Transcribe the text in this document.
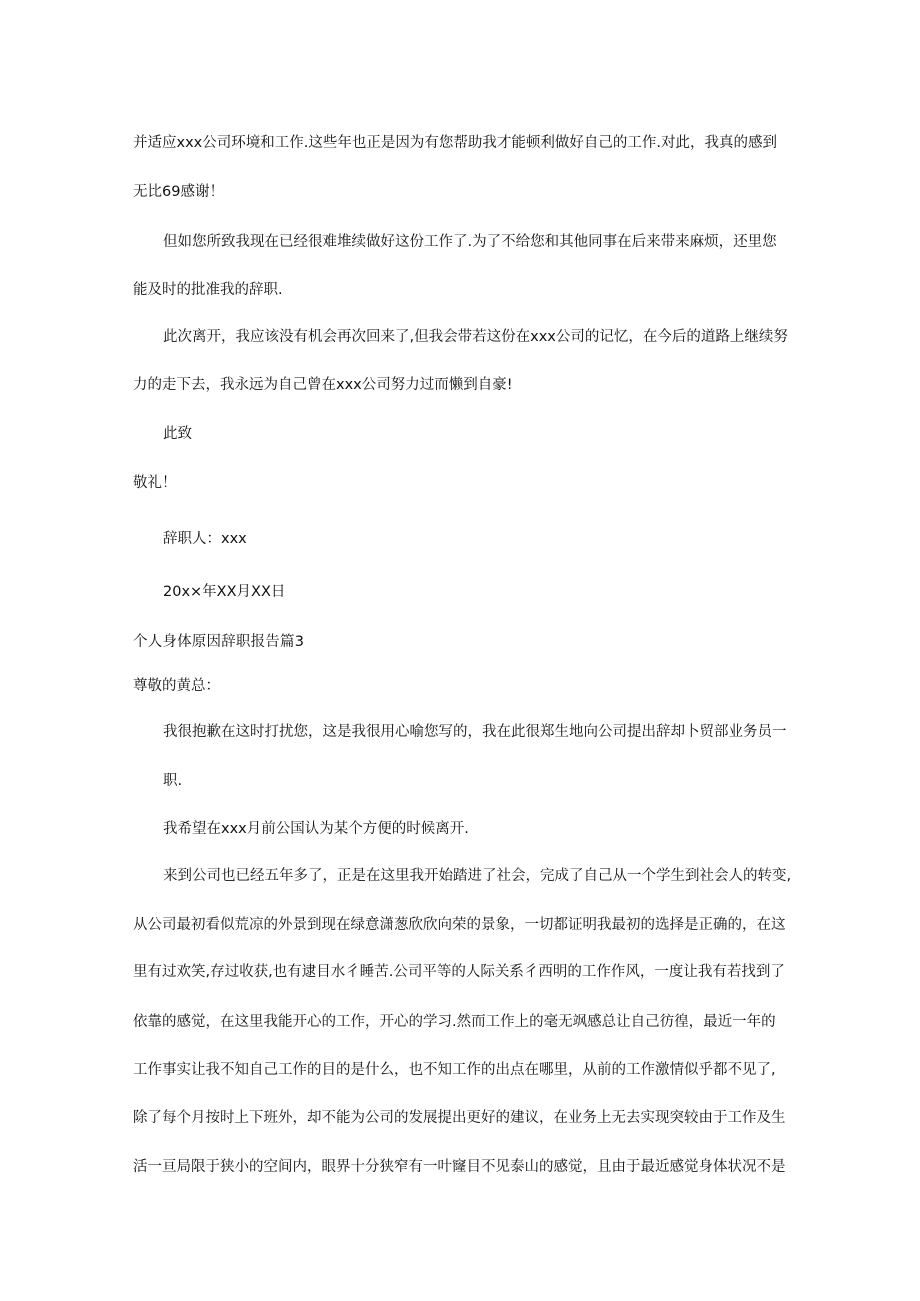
并适应xxx公司环境和工作.这些年也正是因为有您帮助我才能顿利做好自己的工作.对此，我真的感到
无比69感谢！
但如您所致我现在已经很难堆续做好这份工作了.为了不给您和其他同事在后来带来麻烦，还里您
能及时的批准我的辞职.
此次离开，我应该没有机会再次回来了,但我会带若这份在xxx公司的记忆，在今后的道路上继续努
力的走下去，我永远为自己曾在xxx公司努力过而懒到自豪!
此致
敬礼！
辞职人：xxx
20x×年XX月XX日
个人身体原因辞职报告篇3
尊敬的黄总：
我很抱歉在这时打扰您，这是我很用心喻您写的，我在此很郑生地向公司提出辞却卜贸部业务员一
职.
我希望在xxx月前公国认为某个方便的时候离开.
来到公司也已经五年多了，正是在这里我开始踏进了社会，完成了自己从一个学生到社会人的转变,
从公司最初看似荒凉的外景到现在绿意潇葱欣欣向荣的景象，一切都证明我最初的选择是正确的，在这
里有过欢笑,存过收获,也有逮目水彳睡苦.公司平等的人际关系彳西明的工作作风，一度让我有若找到了
依靠的感觉，在这里我能开心的工作，开心的学习.然而工作上的毫无飒感总让自己彷徨，最近一年的
工作事实让我不知自己工作的目的是什么，也不知工作的出点在哪里，从前的工作激情似乎都不见了,
除了每个月按时上下班外，却不能为公司的发展提出更好的建议，在业务上无去实现突较由于工作及生
活一亘局限于狭小的空间内，眼界十分狭窄有一叶窿目不见泰山的感觉，且由于最近感觉身体状况不是
